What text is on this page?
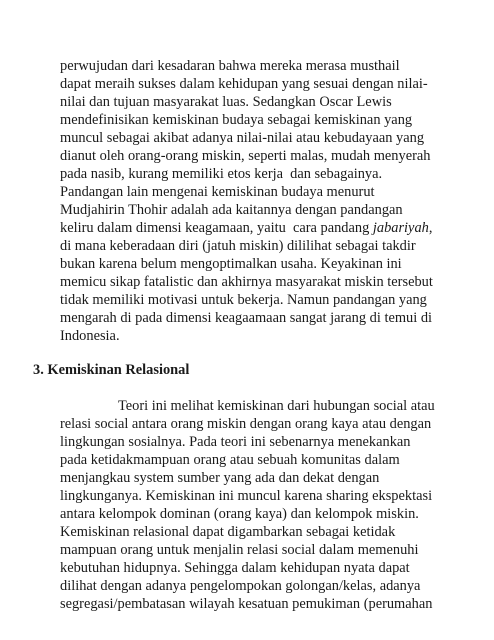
perwujudan dari kesadaran bahwa mereka merasa musthail
dapat meraih sukses dalam kehidupan yang sesuai dengan nilai-
nilai dan tujuan masyarakat luas. Sedangkan Oscar Lewis
mendefinisikan kemiskinan budaya sebagai kemiskinan yang
muncul sebagai akibat adanya nilai-nilai atau kebudayaan yang
dianut oleh orang-orang miskin, seperti malas, mudah menyerah
pada nasib, kurang memiliki etos kerja  dan sebagainya.
Pandangan lain mengenai kemiskinan budaya menurut
Mudjahirin Thohir adalah ada kaitannya dengan pandangan
keliru dalam dimensi keagamaan, yaitu  cara pandang jabariyah,
di mana keberadaan diri (jatuh miskin) dililihat sebagai takdir
bukan karena belum mengoptimalkan usaha. Keyakinan ini
memicu sikap fatalistic dan akhirnya masyarakat miskin tersebut
tidak memiliki motivasi untuk bekerja. Namun pandangan yang
mengarah di pada dimensi keagaamaan sangat jarang di temui di
Indonesia.
3. Kemiskinan Relasional
Teori ini melihat kemiskinan dari hubungan social atau
relasi social antara orang miskin dengan orang kaya atau dengan
lingkungan sosialnya. Pada teori ini sebenarnya menekankan
pada ketidakmampuan orang atau sebuah komunitas dalam
menjangkau system sumber yang ada dan dekat dengan
lingkunganya. Kemiskinan ini muncul karena sharing ekspektasi
antara kelompok dominan (orang kaya) dan kelompok miskin.
Kemiskinan relasional dapat digambarkan sebagai ketidak
mampuan orang untuk menjalin relasi social dalam memenuhi
kebutuhan hidupnya. Sehingga dalam kehidupan nyata dapat
dilihat dengan adanya pengelompokan golongan/kelas, adanya
segregasi/pembatasan wilayah kesatuan pemukiman (perumahan
